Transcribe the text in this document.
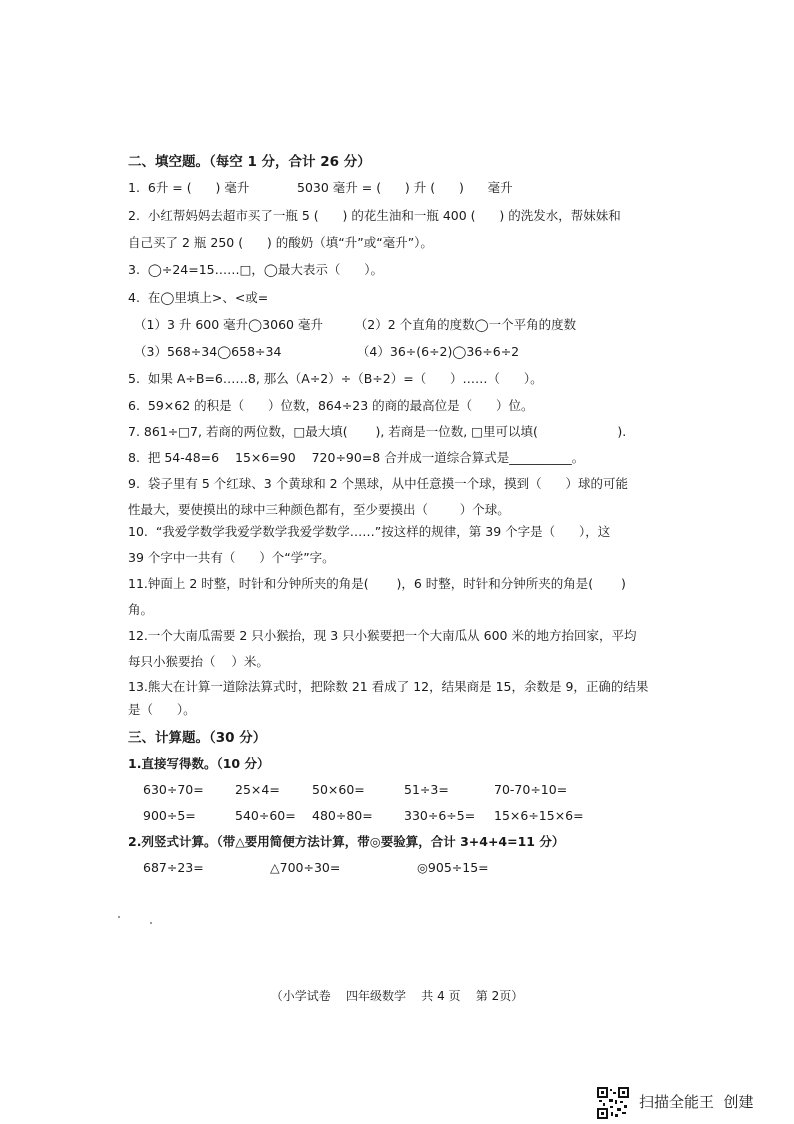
二、填空题。（每空 1 分，合计 26 分）
1.  6升 = (      ) 毫升            5030 毫升 = (      ) 升 (      )      毫升
2.  小红帮妈妈去超市买了一瓶 5 (      ) 的花生油和一瓶 400 (      ) 的洗发水，帮妹妹和
自己买了 2 瓶 250 (      ) 的酸奶（填“升”或“毫升”）。
3.  ◯÷24=15……□，◯最大表示（      ）。
4.  在◯里填上>、<或=
（1）3 升 600 毫升◯3060 毫升        （2）2 个直角的度数◯一个平角的度数
（3）568÷34◯658÷34                   （4）36÷(6÷2)◯36÷6÷2
5.  如果 A÷B=6……8, 那么（A÷2）÷（B÷2）=（      ）……（      ）。
6.  59×62 的积是（      ）位数，864÷23 的商的最高位是（      ）位。
7. 861÷□7, 若商的两位数，□最大填(       ), 若商是一位数, □里可以填(                    ).
8.  把 54-48=6    15×6=90    720÷90=8 合并成一道综合算式是__________。
9.  袋子里有 5 个红球、3 个黄球和 2 个黑球，从中任意摸一个球，摸到（      ）球的可能
性最大，要使摸出的球中三种颜色都有，至少要摸出（        ）个球。
10.  “我爱学数学我爱学数学我爱学数学……”按这样的规律，第 39 个字是（      ），这
39 个字中一共有（      ）个“学”字。
11.钟面上 2 时整，时针和分钟所夹的角是(       )，6 时整，时针和分钟所夹的角是(       )
角。
12.一个大南瓜需要 2 只小猴抬，现 3 只小猴要把一个大南瓜从 600 米的地方抬回家，平均
每只小猴要抬（    ）米。
13.熊大在计算一道除法算式时，把除数 21 看成了 12，结果商是 15，余数是 9，正确的结果
是（      ）。
三、计算题。（30 分）
1.直接写得数。（10 分）
630÷70=	25×4=	50×60=	51÷3=	70-70÷10=
900÷5=	540÷60= 480÷80=	330÷6÷5= 15×6÷15×6=
2.列竖式计算。（带△要用简便方法计算，带◎要验算，合计 3+4+4=11 分）
687÷23=	△700÷30=	◎905÷15=
（小学试卷    四年级数学    共 4 页    第 2页）
扫描全能王  创建
